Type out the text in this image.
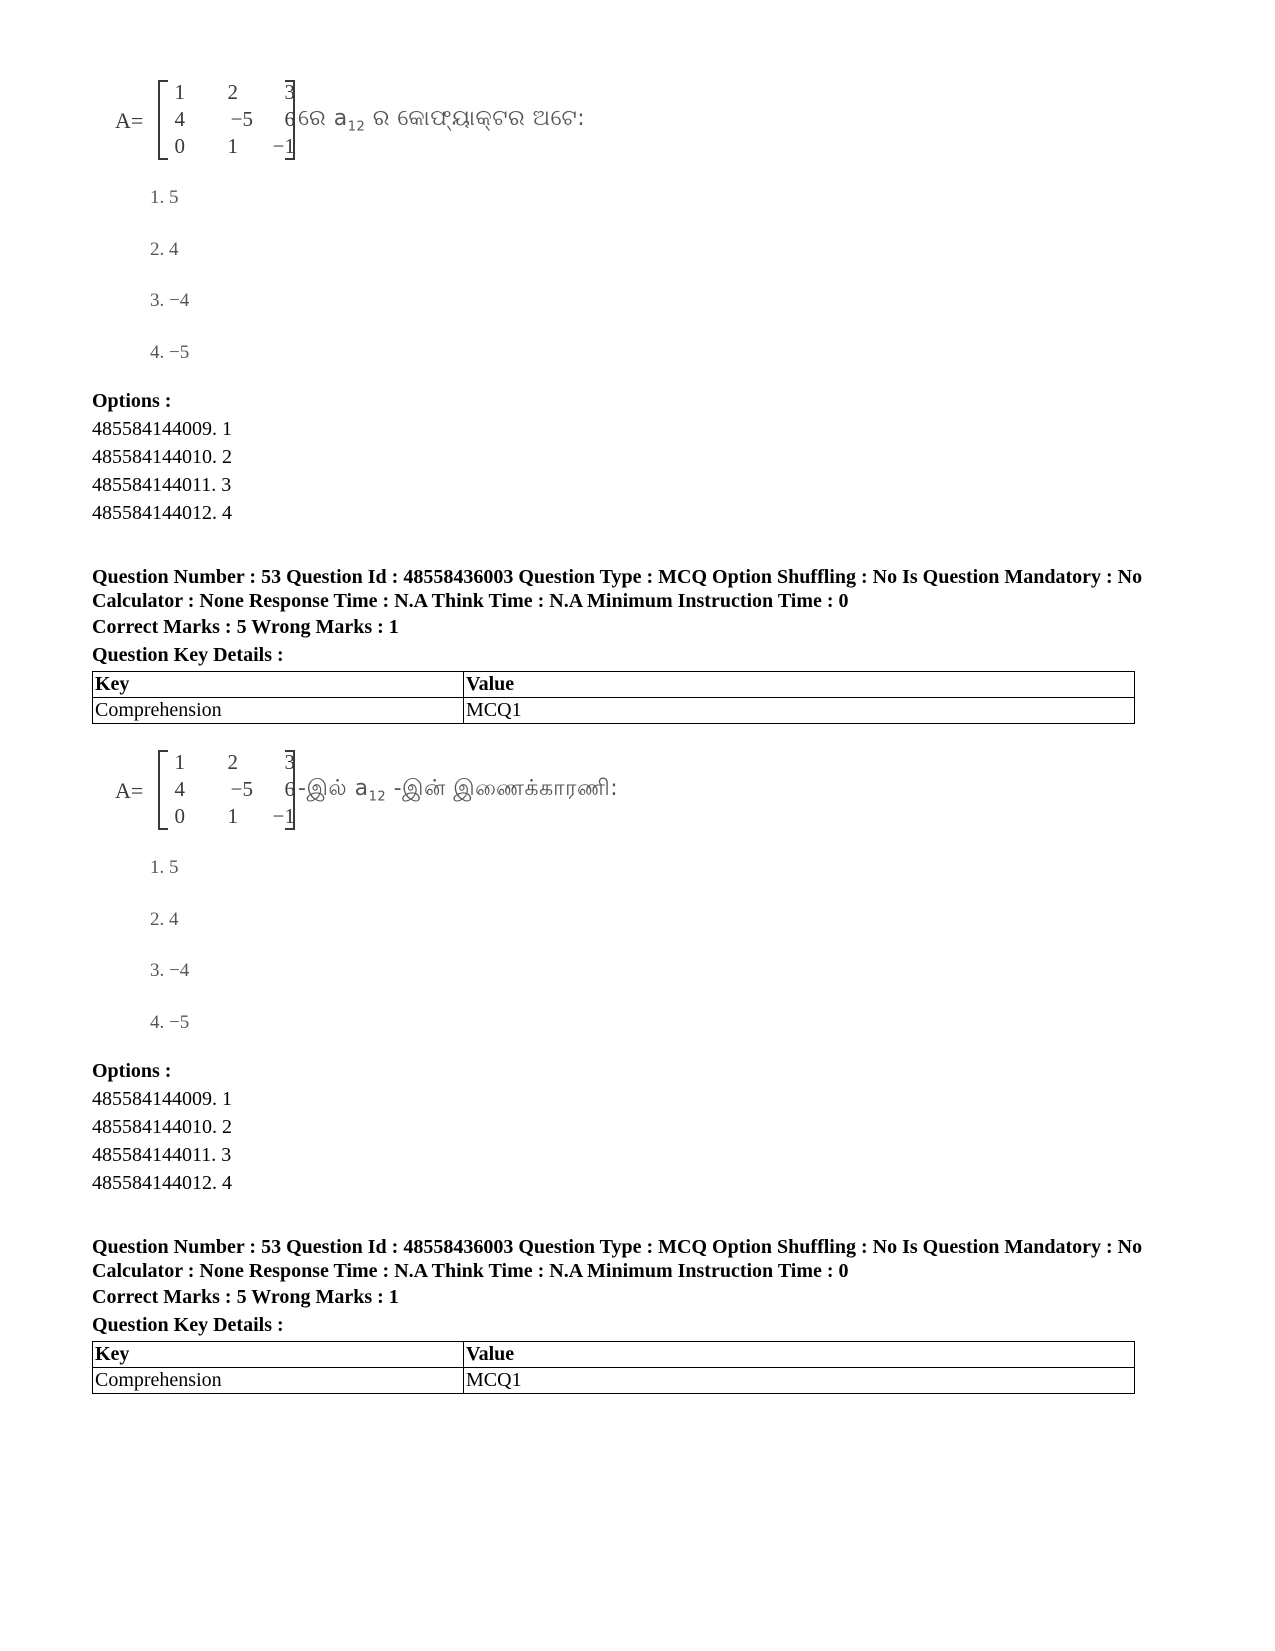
A=
1	2	3
4	−5	6
0	1	−1
ରେ $a_{12}$ ର କୋଫ୍ୟାକ୍ଟର ଅଟେ:
1. 5
2. 4
3. −4
4. −5
Options :
485584144009. 1
485584144010. 2
485584144011. 3
485584144012. 4
Question Number : 53 Question Id : 48558436003 Question Type : MCQ Option Shuffling : No Is Question Mandatory : No Calculator : None Response Time : N.A Think Time : N.A Minimum Instruction Time : 0
Correct Marks : 5 Wrong Marks : 1
Question Key Details :
Key	Value
Comprehension	MCQ1
A=
1	2	3
4	−5	6
0	1	−1
-இல் $a_{12}$ -இன் இணைக்காரணி:
1. 5
2. 4
3. −4
4. −5
Options :
485584144009. 1
485584144010. 2
485584144011. 3
485584144012. 4
Question Number : 53 Question Id : 48558436003 Question Type : MCQ Option Shuffling : No Is Question Mandatory : No Calculator : None Response Time : N.A Think Time : N.A Minimum Instruction Time : 0
Correct Marks : 5 Wrong Marks : 1
Question Key Details :
Key	Value
Comprehension	MCQ1
